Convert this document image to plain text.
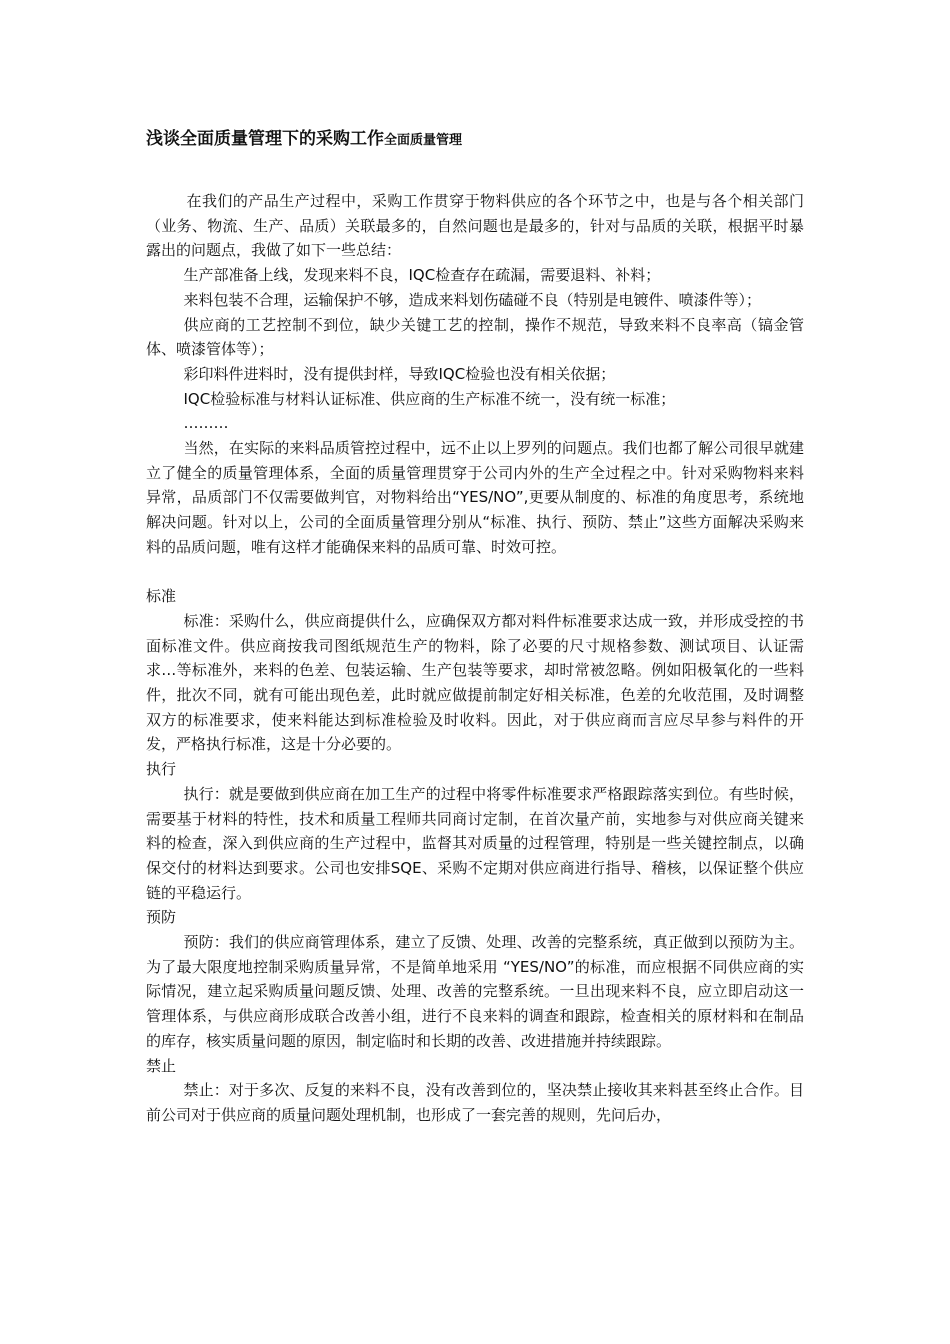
浅谈全面质量管理下的采购工作全面质量管理

在我们的产品生产过程中，采购工作贯穿于物料供应的各个环节之中，也是与各个相关部门（业务、物流、生产、品质）关联最多的，自然问题也是最多的，针对与品质的关联，根据平时暴露出的问题点，我做了如下一些总结：

生产部准备上线，发现来料不良，IQC检查存在疏漏，需要退料、补料；

来料包装不合理，运输保护不够，造成来料划伤磕碰不良（特别是电镀件、喷漆件等）；

供应商的工艺控制不到位，缺少关键工艺的控制，操作不规范，导致来料不良率高（镐金管体、喷漆管体等）；

彩印料件进料时，没有提供封样，导致IQC检验也没有相关依据；

IQC检验标准与材料认证标准、供应商的生产标准不统一，没有统一标准；

………

当然，在实际的来料品质管控过程中，远不止以上罗列的问题点。我们也都了解公司很早就建立了健全的质量管理体系，全面的质量管理贯穿于公司内外的生产全过程之中。针对采购物料来料异常，品质部门不仅需要做判官，对物料给出“YES/NO”,更要从制度的、标准的角度思考，系统地解决问题。针对以上，公司的全面质量管理分别从“标准、执行、预防、禁止”这些方面解决采购来料的品质问题，唯有这样才能确保来料的品质可靠、时效可控。

标准

标准：采购什么，供应商提供什么，应确保双方都对料件标准要求达成一致，并形成受控的书面标准文件。供应商按我司图纸规范生产的物料，除了必要的尺寸规格参数、测试项目、认证需求…等标准外，来料的色差、包装运输、生产包装等要求，却时常被忽略。例如阳极氧化的一些料件，批次不同，就有可能出现色差，此时就应做提前制定好相关标准，色差的允收范围，及时调整双方的标准要求，使来料能达到标准检验及时收料。因此，对于供应商而言应尽早参与料件的开发，严格执行标准，这是十分必要的。

执行

执行：就是要做到供应商在加工生产的过程中将零件标准要求严格跟踪落实到位。有些时候，需要基于材料的特性，技术和质量工程师共同商讨定制，在首次量产前，实地参与对供应商关键来料的检查，深入到供应商的生产过程中，监督其对质量的过程管理，特别是一些关键控制点，以确保交付的材料达到要求。公司也安排SQE、采购不定期对供应商进行指导、稽核，以保证整个供应链的平稳运行。

预防

预防：我们的供应商管理体系，建立了反馈、处理、改善的完整系统，真正做到以预防为主。为了最大限度地控制采购质量异常，不是简单地采用 “YES/NO”的标准，而应根据不同供应商的实际情况，建立起采购质量问题反馈、处理、改善的完整系统。一旦出现来料不良，应立即启动这一管理体系，与供应商形成联合改善小组，进行不良来料的调查和跟踪，检查相关的原材料和在制品的库存，核实质量问题的原因，制定临时和长期的改善、改进措施并持续跟踪。

禁止

禁止：对于多次、反复的来料不良，没有改善到位的，坚决禁止接收其来料甚至终止合作。目前公司对于供应商的质量问题处理机制，也形成了一套完善的规则，先问后办，
